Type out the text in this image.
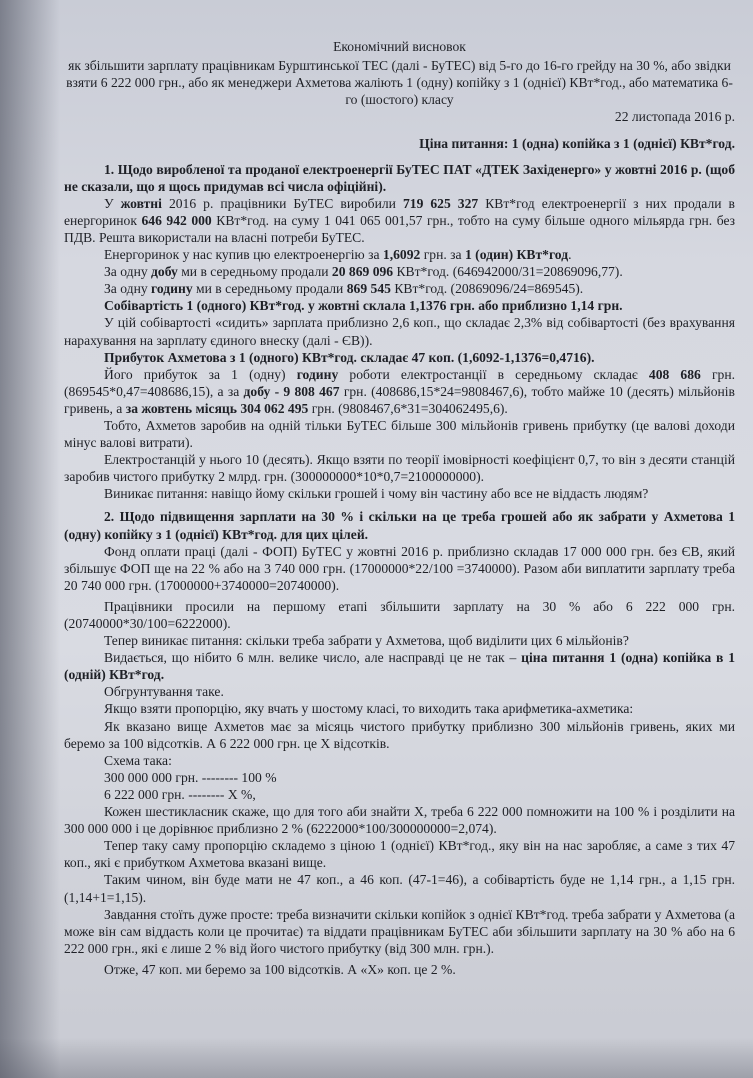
Економічний висновок

як збільшити зарплату працівникам Бурштинської ТЕС (далі - БуТЕС) від 5-го до 16-го грейду на 30 %, або звідки взяти 6 222 000 грн., або як менеджери Ахметова жаліють 1 (одну) копійку з 1 (однієї) КВт*год., або математика 6-го (шостого) класу

22 листопада 2016 р.

Ціна питання: 1 (одна) копійка з 1 (однієї) КВт*год.

1. Щодо виробленої та проданої електроенергії БуТЕС ПАТ «ДТЕК Західенерго» у жовтні 2016 р. (щоб не сказали, що я щось придумав всі числа офіційні).

У жовтні 2016 р. працівники БуТЕС виробили 719 625 327 КВт*год електроенергії з них продали в енергоринок 646 942 000 КВт*год. на суму 1 041 065 001,57 грн., тобто на суму більше одного мільярда грн. без ПДВ. Решта використали на власні потреби БуТЕС.

Енергоринок у нас купив цю електроенергію за 1,6092 грн. за 1 (один) КВт*год.

За одну добу ми в середньому продали 20 869 096 КВт*год. (646942000/31=20869096,77).

За одну годину ми в середньому продали 869 545 КВт*год. (20869096/24=869545).

Собівартість 1 (одного) КВт*год. у жовтні склала 1,1376 грн. або приблизно 1,14 грн.

У цій собівартості «сидить» зарплата приблизно 2,6 коп., що складає 2,3% від собівартості (без врахування нарахування на зарплату єдиного внеску (далі - ЄВ)).

Прибуток Ахметова з 1 (одного) КВт*год. складає 47 коп. (1,6092-1,1376=0,4716).

Його прибуток за 1 (одну) годину роботи електростанції в середньому складає 408 686 грн. (869545*0,47=408686,15), а за добу - 9 808 467 грн. (408686,15*24=9808467,6), тобто майже 10 (десять) мільйонів гривень, а за жовтень місяць 304 062 495 грн. (9808467,6*31=304062495,6).

Тобто, Ахметов заробив на одній тільки БуТЕС більше 300 мільйонів гривень прибутку (це валові доходи мінус валові витрати).

Електростанцій у нього 10 (десять). Якщо взяти по теорії імовірності коефіцієнт 0,7, то він з десяти станцій заробив чистого прибутку 2 млрд. грн. (300000000*10*0,7=2100000000).

Виникає питання: навіщо йому скільки грошей і чому він частину або все не віддасть людям?

2. Щодо підвищення зарплати на 30 % і скільки на це треба грошей або як забрати у Ахметова 1 (одну) копійку з 1 (однієї) КВт*год. для цих цілей.

Фонд оплати праці (далі - ФОП) БуТЕС у жовтні 2016 р. приблизно складав 17 000 000 грн. без ЄВ, який збільшує ФОП ще на 22 % або на 3 740 000 грн. (17000000*22/100 =3740000). Разом аби виплатити зарплату треба 20 740 000 грн. (17000000+3740000=20740000).

Працівники просили на першому етапі збільшити зарплату на 30 % або 6 222 000 грн. (20740000*30/100=6222000).

Тепер виникає питання: скільки треба забрати у Ахметова, щоб виділити цих 6 мільйонів?

Видається, що нібито 6 млн. велике число, але насправді це не так – ціна питання 1 (одна) копійка в 1 (одній) КВт*год.

Обгрунтування таке.

Якщо взяти пропорцію, яку вчать у шостому класі, то виходить така арифметика-ахметика:

Як вказано вище Ахметов має за місяць чистого прибутку приблизно 300 мільйонів гривень, яких ми беремо за 100 відсотків. А 6 222 000 грн. це Х відсотків.

Схема така:

300 000 000 грн. -------- 100 %

6 222 000 грн. -------- Х %,

Кожен шестикласник скаже, що для того аби знайти Х, треба 6 222 000 помножити на 100 % і розділити на 300 000 000 і це дорівнює приблизно 2 % (6222000*100/300000000=2,074).

Тепер таку саму пропорцію складемо з ціною 1 (однієї) КВт*год., яку він на нас заробляє, а саме з тих 47 коп., які є прибутком Ахметова вказані вище.

Таким чином, він буде мати не 47 коп., а 46 коп. (47-1=46), а собівартість буде не 1,14 грн., а 1,15 грн. (1,14+1=1,15).

Завдання стоїть дуже просте: треба визначити скільки копійок з однієї КВт*год. треба забрати у Ахметова (а може він сам віддасть коли це прочитає) та віддати працівникам БуТЕС аби збільшити зарплату на 30 % або на 6 222 000 грн., які є лише 2 % від його чистого прибутку (від 300 млн. грн.).

Отже, 47 коп. ми беремо за 100 відсотків. А «Х» коп. це 2 %.
